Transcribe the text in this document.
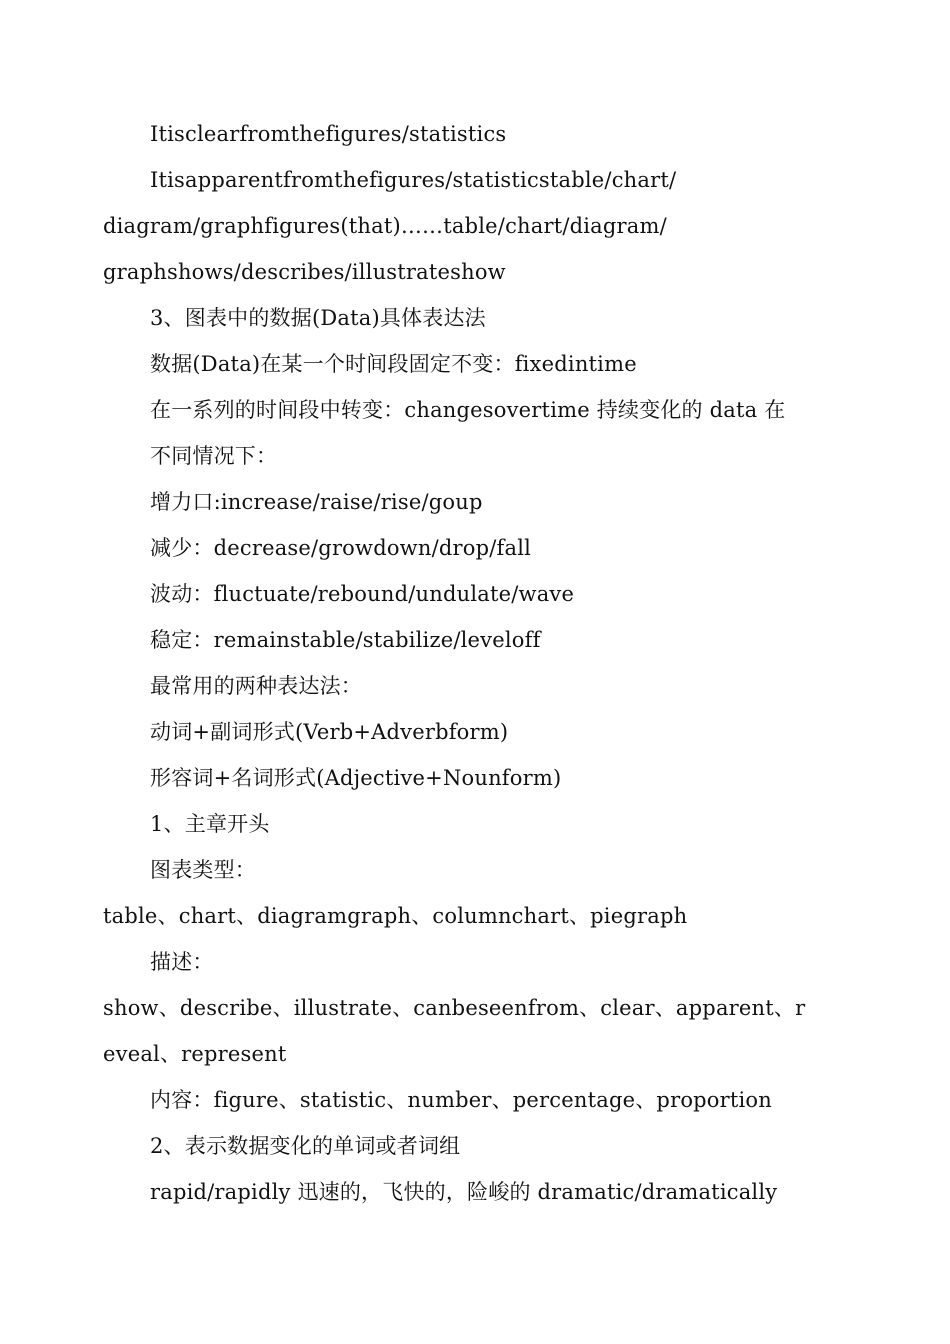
Itisclearfromthefigures/statistics
Itisapparentfromthefigures/statisticstable/chart/
diagram/graphfigures(that)……table/chart/diagram/
graphshows/describes/illustrateshow
3、图表中的数据(Data)具体表达法
数据(Data)在某一个时间段固定不变：fixedintime
在一系列的时间段中转变：changesovertime 持续变化的 data 在
不同情况下：
增力口:increase/raise/rise/goup
减少：decrease/growdown/drop/fall
波动：fluctuate/rebound/undulate/wave
稳定：remainstable/stabilize/leveloff
最常用的两种表达法：
动词+副词形式(Verb+Adverbform)
形容词+名词形式(Adjective+Nounform)
1、主章开头
图表类型：
table、chart、diagramgraph、columnchart、piegraph
描述：
show、describe、illustrate、canbeseenfrom、clear、apparent、r
eveal、represent
内容：figure、statistic、number、percentage、proportion
2、表示数据变化的单词或者词组
rapid/rapidly 迅速的，飞快的，险峻的 dramatic/dramatically
